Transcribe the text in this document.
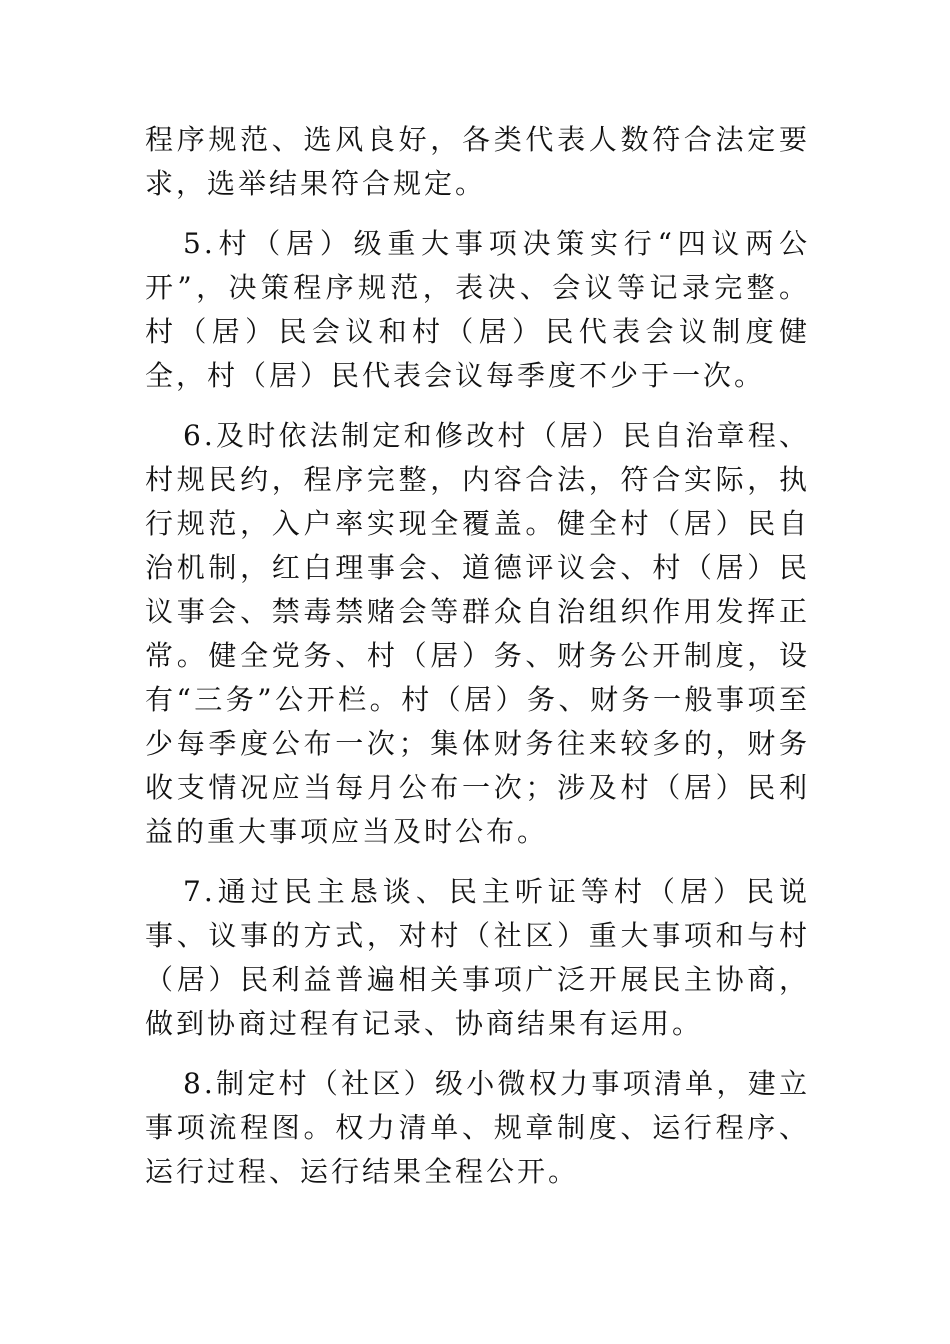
程序规范、选风良好，各类代表人数符合法定要求，选举结果符合规定。

5.村（居）级重大事项决策实行“四议两公开”，决策程序规范，表决、会议等记录完整。村（居）民会议和村（居）民代表会议制度健全，村（居）民代表会议每季度不少于一次。

6.及时依法制定和修改村（居）民自治章程、村规民约，程序完整，内容合法，符合实际，执行规范，入户率实现全覆盖。健全村（居）民自治机制，红白理事会、道德评议会、村（居）民议事会、禁毒禁赌会等群众自治组织作用发挥正常。健全党务、村（居）务、财务公开制度，设有“三务”公开栏。村（居）务、财务一般事项至少每季度公布一次；集体财务往来较多的，财务收支情况应当每月公布一次；涉及村（居）民利益的重大事项应当及时公布。

7.通过民主恳谈、民主听证等村（居）民说事、议事的方式，对村（社区）重大事项和与村（居）民利益普遍相关事项广泛开展民主协商，做到协商过程有记录、协商结果有运用。

8.制定村（社区）级小微权力事项清单，建立事项流程图。权力清单、规章制度、运行程序、运行过程、运行结果全程公开。
